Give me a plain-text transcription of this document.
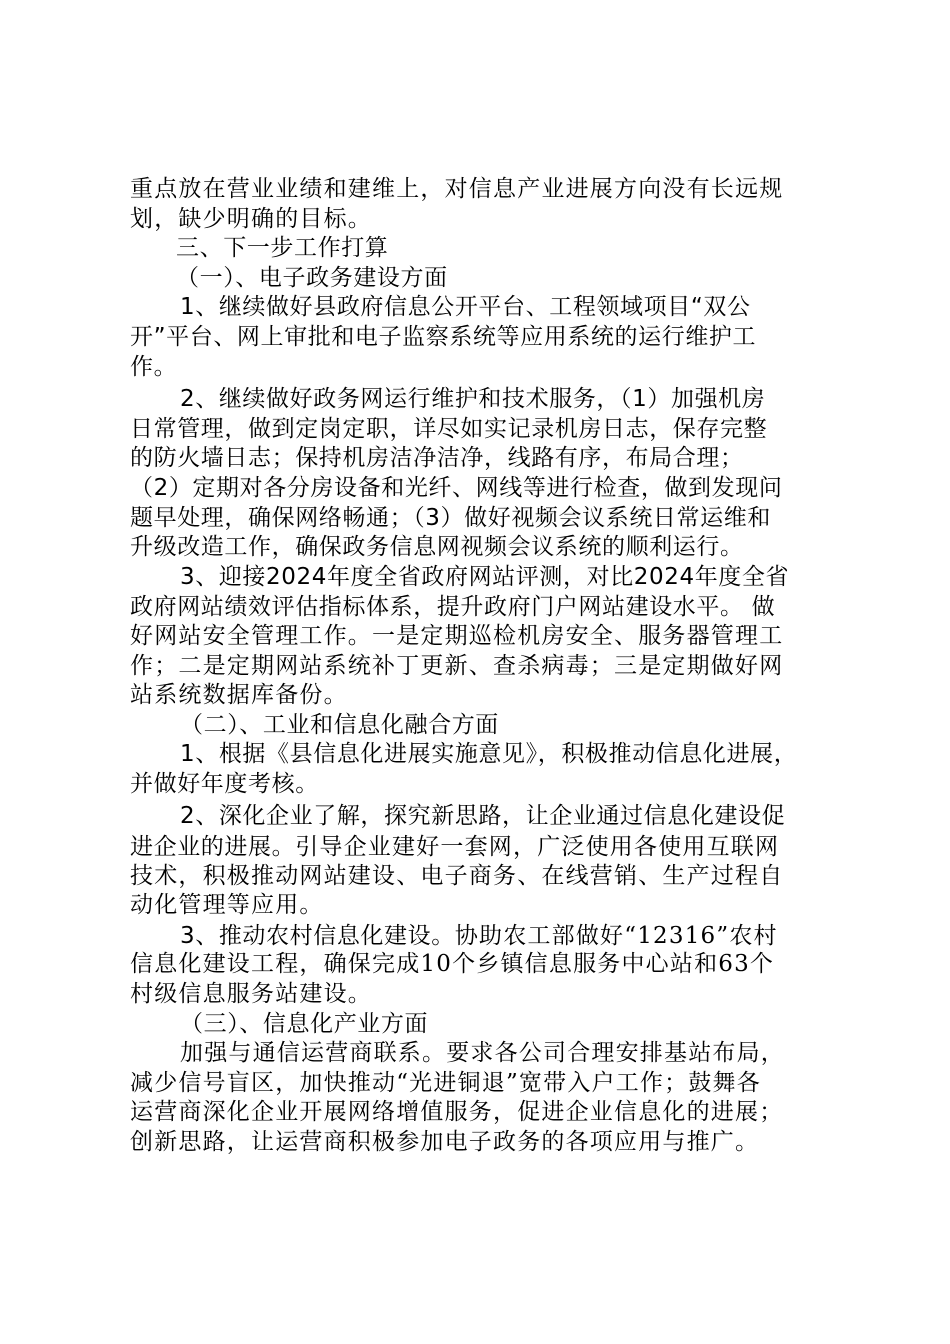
重点放在营业业绩和建维上，对信息产业进展方向没有长远规
划，缺少明确的目标。
三、下一步工作打算
（一）、电子政务建设方面
1、继续做好县政府信息公开平台、工程领域项目“双公
开”平台、网上审批和电子监察系统等应用系统的运行维护工
作。
2、继续做好政务网运行维护和技术服务，（1）加强机房
日常管理，做到定岗定职，详尽如实记录机房日志，保存完整
的防火墙日志；保持机房洁净洁净，线路有序，布局合理；
（2）定期对各分房设备和光纤、网线等进行检查，做到发现问
题早处理，确保网络畅通；（3）做好视频会议系统日常运维和
升级改造工作，确保政务信息网视频会议系统的顺利运行。
3、迎接2024年度全省政府网站评测，对比2024年度全省
政府网站绩效评估指标体系，提升政府门户网站建设水平。 做
好网站安全管理工作。一是定期巡检机房安全、服务器管理工
作；二是定期网站系统补丁更新、查杀病毒；三是定期做好网
站系统数据库备份。
（二）、工业和信息化融合方面
1、根据《县信息化进展实施意见》，积极推动信息化进展，
并做好年度考核。
2、深化企业了解，探究新思路，让企业通过信息化建设促
进企业的进展。引导企业建好一套网，广泛使用各使用互联网
技术，积极推动网站建设、电子商务、在线营销、生产过程自
动化管理等应用。
3、推动农村信息化建设。协助农工部做好“12316”农村
信息化建设工程，确保完成10个乡镇信息服务中心站和63个
村级信息服务站建设。
（三）、信息化产业方面
加强与通信运营商联系。要求各公司合理安排基站布局，
减少信号盲区，加快推动“光进铜退”宽带入户工作；鼓舞各
运营商深化企业开展网络增值服务，促进企业信息化的进展；
创新思路，让运营商积极参加电子政务的各项应用与推广。
